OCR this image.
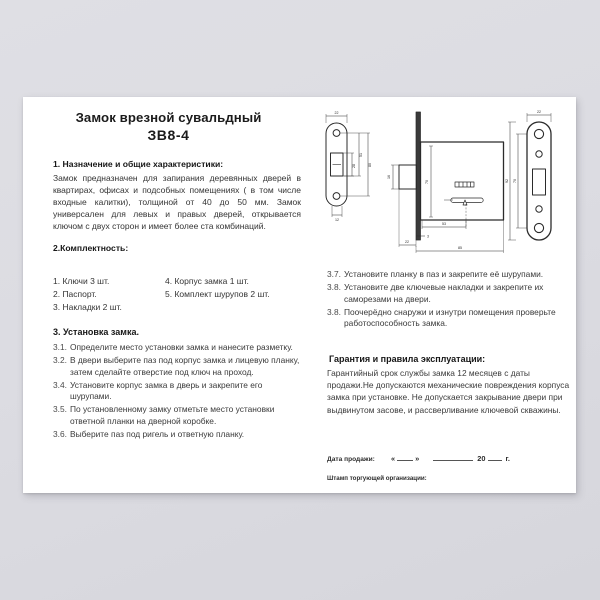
Замок врезной сувальдный
ЗВ8-4
1. Назначение и общие характеристики:
Замок предназначен для запирания деревянных дверей в квартирах, офисах и подсобных помещениях ( в том числе входные калитки), толщиной от 40 до 50 мм. Замок универсален для левых и правых дверей, открывается ключом с двух сторон и имеет более ста комбинаций.
2.Комплектность:
1. Ключи 3 шт.
2. Паспорт.
3. Накладки 2 шт.
4. Корпус замка 1 шт.
5. Комплект шурупов 2 шт.
3. Установка замка.
3.1. Определите место установки замка и нанесите разметку.
3.2. В двери выберите паз под корпус замка и лицевую планку, затем сделайте отверстие под ключ на проход.
3.4. Установите корпус замка в дверь и закрепите его шурупами.
3.5. По установленному замку отметьте место установки ответной планки на дверной коробке.
3.6. Выберите паз под ригель и ответную планку.
3.7. Установите планку в паз и закрепите её шурупами.
3.8. Установите две ключевые накладки и закрепите их саморезами на двери.
3.8. Поочерёдно снаружи и изнутри помещения проверьте работоспособность замка.
Гарантия и правила эксплуатации:
Гарантийный срок службы замка 12 месяцев с даты продажи.Не допускаются механические повреждения корпуса замка при установке. Не допускается закрывание двери при выдвинутом засове, и рассверливание ключевой скважины.
Дата продажи:	«	»	20	г.
Штамп торгующей организации:
22
12
28
51
80
16
70
53
3
22
85
22
70
92
